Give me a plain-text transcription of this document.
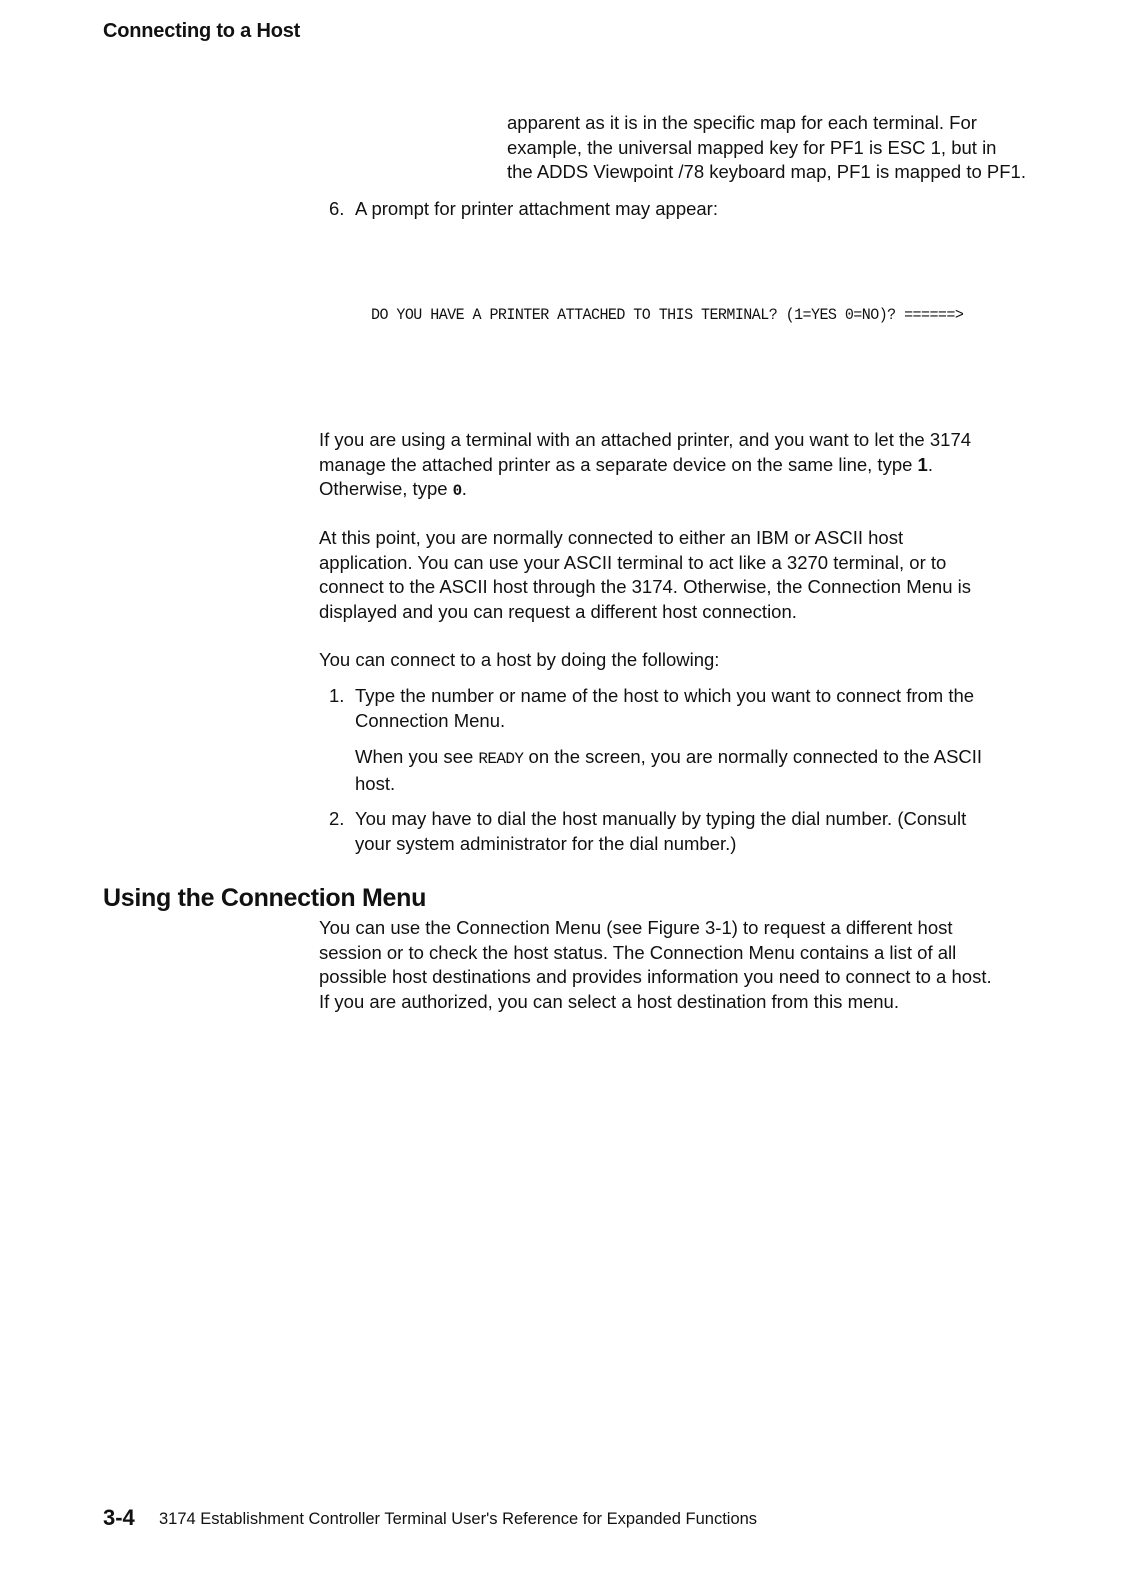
Connecting to a Host
apparent as it is in the specific map for each terminal. For
example, the universal mapped key for PF1 is ESC 1, but in
the ADDS Viewpoint /78 keyboard map, PF1 is mapped to PF1.
6. A prompt for printer attachment may appear:
DO YOU HAVE A PRINTER ATTACHED TO THIS TERMINAL? (1=YES 0=NO)? ======>
If you are using a terminal with an attached printer, and you want to let the 3174
manage the attached printer as a separate device on the same line, type 1.
Otherwise, type 0.
At this point, you are normally connected to either an IBM or ASCII host
application. You can use your ASCII terminal to act like a 3270 terminal, or to
connect to the ASCII host through the 3174. Otherwise, the Connection Menu is
displayed and you can request a different host connection.
You can connect to a host by doing the following:
1. Type the number or name of the host to which you want to connect from the
Connection Menu.
When you see READY on the screen, you are normally connected to the ASCII
host.
2. You may have to dial the host manually by typing the dial number. (Consult
your system administrator for the dial number.)
Using the Connection Menu
You can use the Connection Menu (see Figure 3-1) to request a different host
session or to check the host status. The Connection Menu contains a list of all
possible host destinations and provides information you need to connect to a host.
If you are authorized, you can select a host destination from this menu.
3-4 3174 Establishment Controller Terminal User's Reference for Expanded Functions
